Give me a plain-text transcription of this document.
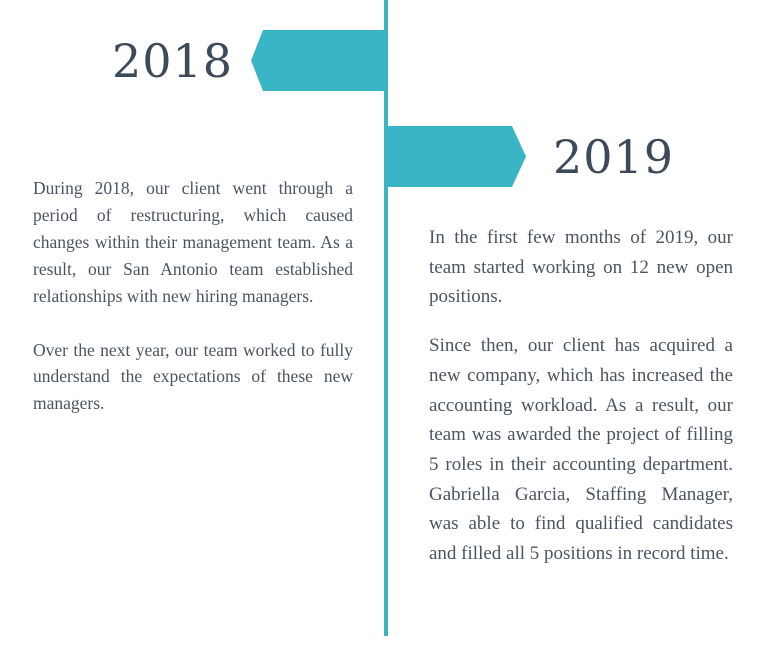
2018
2019

During 2018, our client went through a period of restructuring, which caused changes within their management team. As a result, our San Antonio team established relationships with new hiring managers.

Over the next year, our team worked to fully understand the expectations of these new managers.

In the first few months of 2019, our team started working on 12 new open positions.

Since then, our client has acquired a new company, which has increased the accounting workload. As a result, our team was awarded the project of filling 5 roles in their accounting department. Gabriella Garcia, Staffing Manager, was able to find qualified candidates and filled all 5 positions in record time.
